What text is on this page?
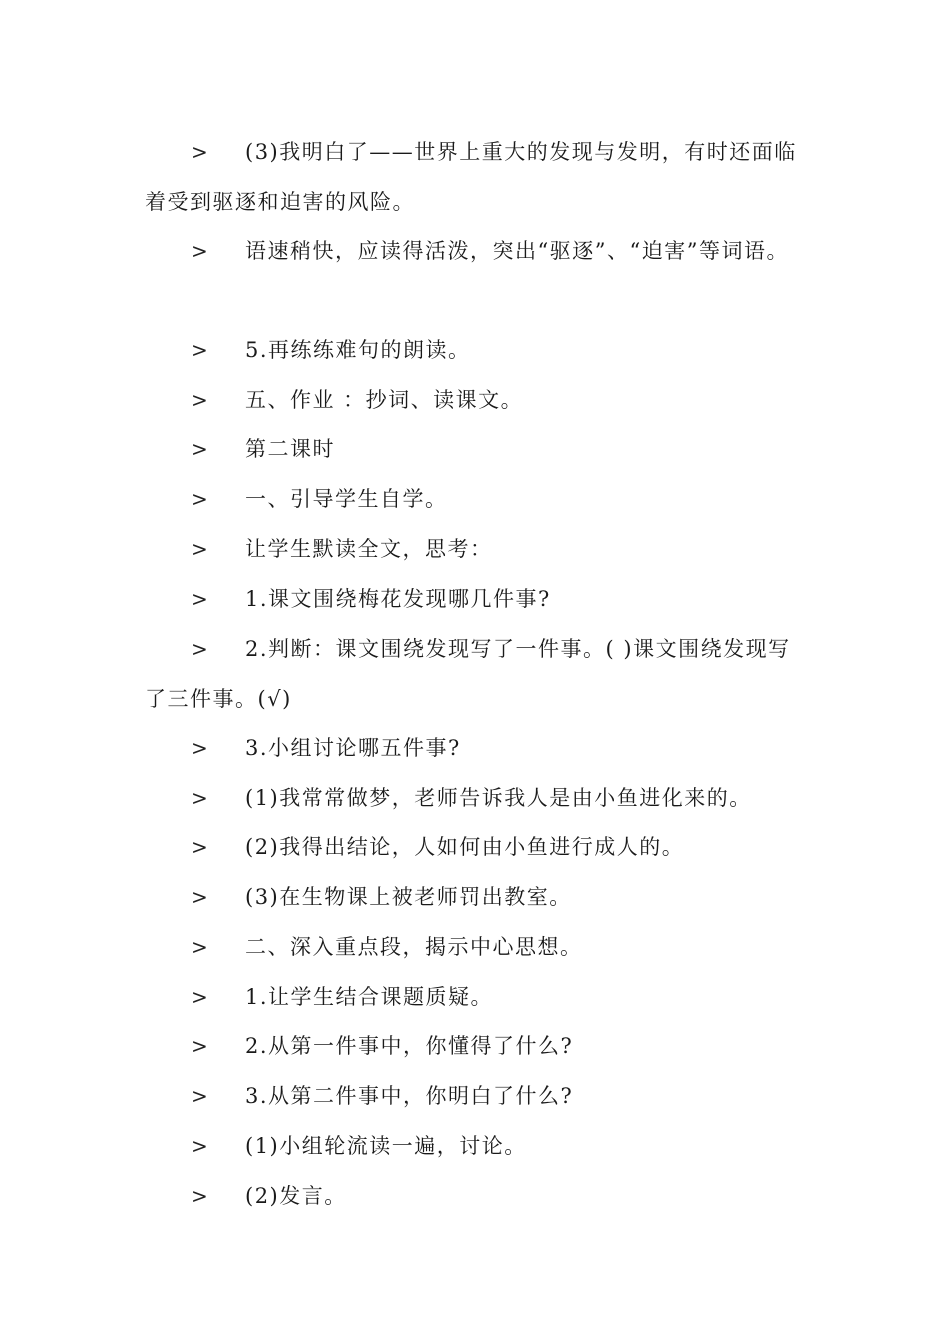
>	(3)我明白了——世界上重大的发现与发明，有时还面临着受到驱逐和迫害的风险。
>	语速稍快，应读得活泼，突出“驱逐”、“迫害”等词语。
>	5.再练练难句的朗读。
>	五、作业 ：抄词、读课文。
>	第二课时
>	一、引导学生自学。
>	让学生默读全文，思考：
>	1.课文围绕梅花发现哪几件事?
>	2.判断：课文围绕发现写了一件事。( )课文围绕发现写了三件事。(√)
>	3.小组讨论哪五件事?
>	(1)我常常做梦，老师告诉我人是由小鱼进化来的。
>	(2)我得出结论，人如何由小鱼进行成人的。
>	(3)在生物课上被老师罚出教室。
>	二、深入重点段，揭示中心思想。
>	1.让学生结合课题质疑。
>	2.从第一件事中，你懂得了什么?
>	3.从第二件事中，你明白了什么?
>	(1)小组轮流读一遍，讨论。
>	(2)发言。
